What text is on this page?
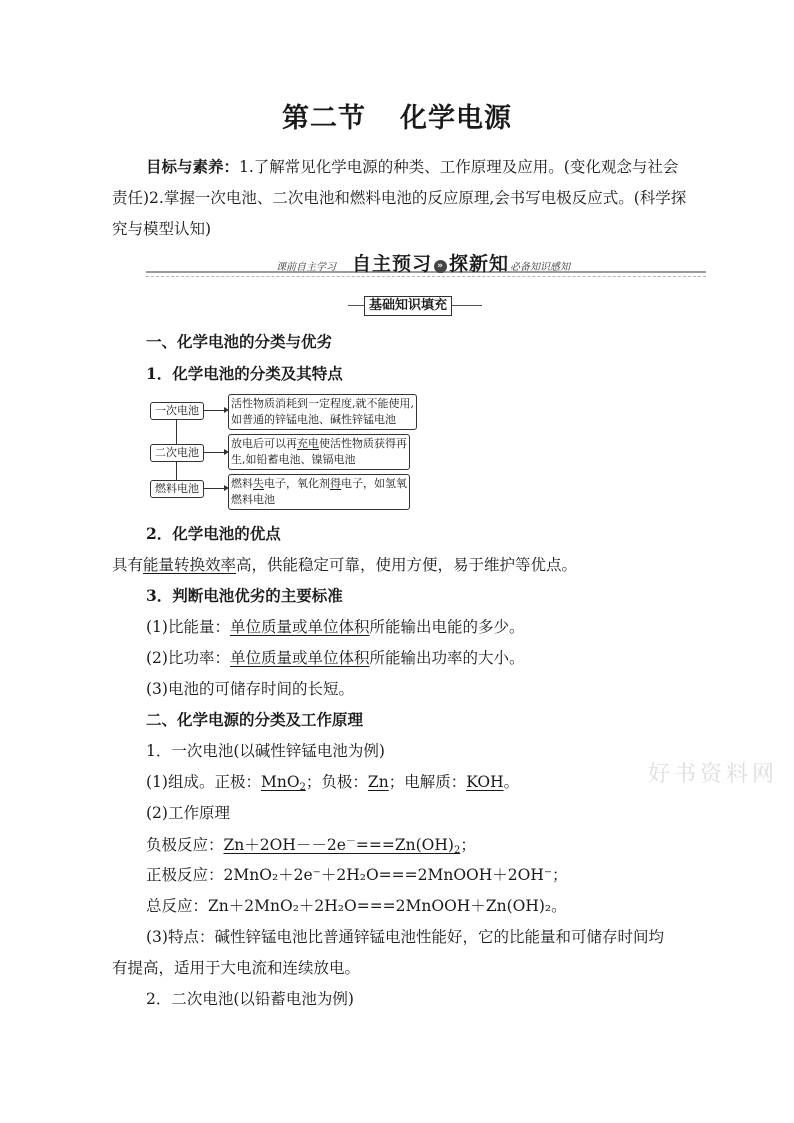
第二节 化学电源
目标与素养：1.了解常见化学电源的种类、工作原理及应用。(变化观念与社会责任)2.掌握一次电池、二次电池和燃料电池的反应原理,会书写电极反应式。(科学探究与模型认知)
课前自主学习 自主预习 » 探新知 必备知识感知
基础知识填充
一、化学电池的分类与优劣
1．化学电池的分类及其特点
一次电池
二次电池
燃料电池
活性物质消耗到一定程度,就不能使用,
如普通的锌锰电池、碱性锌锰电池
放电后可以再充电使活性物质获得再
生,如铅蓄电池、镍镉电池
燃料失电子，氧化剂得电子，如氢氧
燃料电池
2．化学电池的优点
具有能量转换效率高，供能稳定可靠，使用方便，易于维护等优点。
3．判断电池优劣的主要标准
(1)比能量：单位质量或单位体积所能输出电能的多少。
(2)比功率：单位质量或单位体积所能输出功率的大小。
(3)电池的可储存时间的长短。
二、化学电源的分类及工作原理
1．一次电池(以碱性锌锰电池为例)
(1)组成。正极：MnO$_2$；负极：Zn；电解质：KOH。
(2)工作原理
负极反应：$Zn+2OH--2e^-===Zn(OH)_2$；
正极反应：2MnO₂＋2e⁻＋2H₂O===2MnOOH＋2OH⁻；
总反应：Zn＋2MnO₂＋2H₂O===2MnOOH＋Zn(OH)₂。
(3)特点：碱性锌锰电池比普通锌锰电池性能好，它的比能量和可储存时间均
有提高，适用于大电流和连续放电。
2．二次电池(以铅蓄电池为例)
好书资料网
